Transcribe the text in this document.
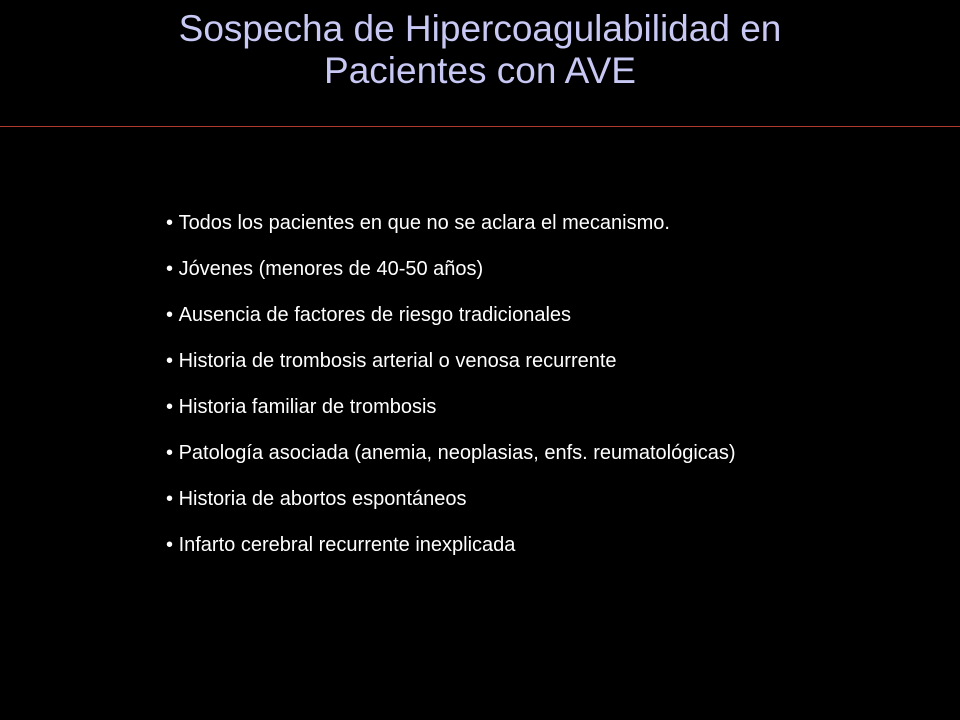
Sospecha de Hipercoagulabilidad en
Pacientes con AVE
• Todos los pacientes en que no se aclara el mecanismo.
• Jóvenes (menores de 40-50 años)
• Ausencia de factores de riesgo tradicionales
• Historia de trombosis arterial o venosa recurrente
• Historia familiar de trombosis
• Patología asociada (anemia, neoplasias, enfs. reumatológicas)
• Historia de abortos espontáneos
• Infarto cerebral recurrente inexplicada
